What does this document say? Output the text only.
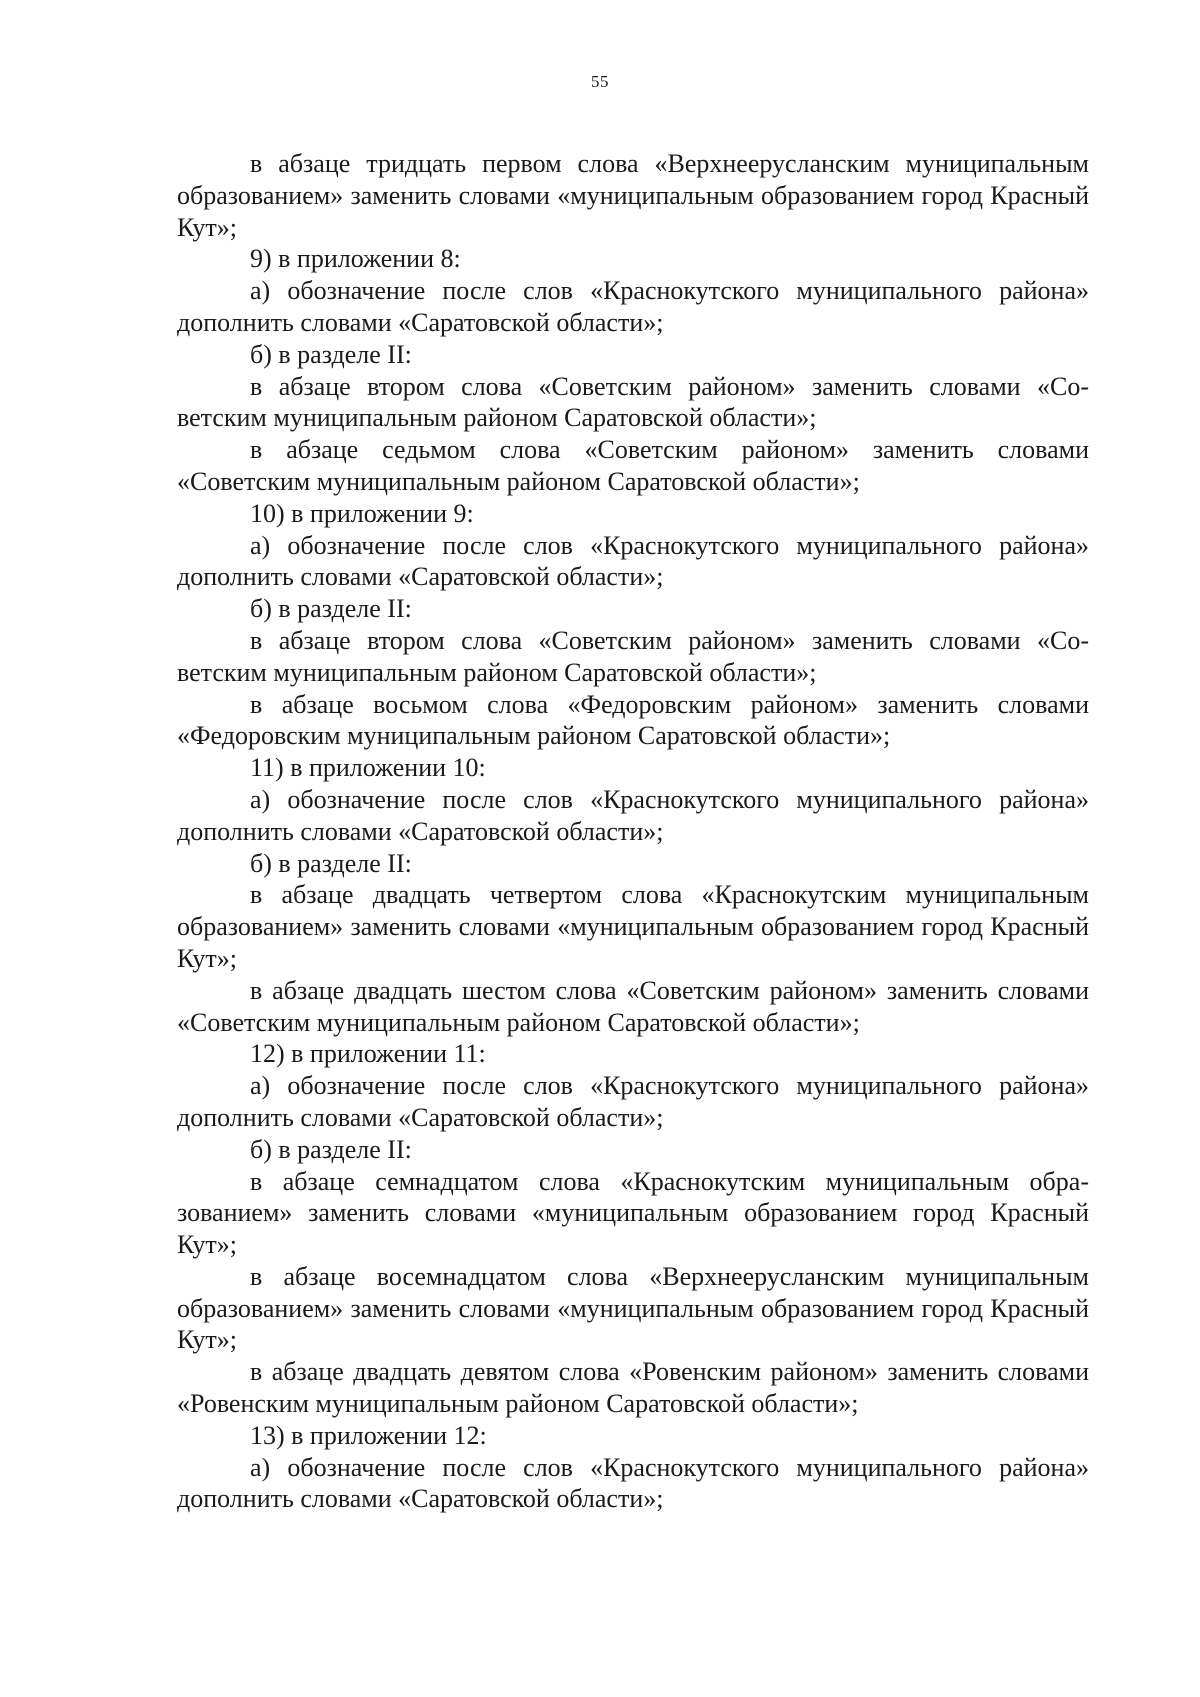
55

в абзаце тридцать первом слова «Верхнеерусланским муниципальным образованием» заменить словами «муниципальным образованием город Красный Кут»;

9) в приложении 8:

а) обозначение после слов «Краснокутского муниципального района» дополнить словами «Саратовской области»;

б) в разделе II:

в абзаце втором слова «Советским районом» заменить словами «Советским муниципальным районом Саратовской области»;

в абзаце седьмом слова «Советским районом» заменить словами «Советским муниципальным районом Саратовской области»;

10) в приложении 9:

а) обозначение после слов «Краснокутского муниципального района» дополнить словами «Саратовской области»;

б) в разделе II:

в абзаце втором слова «Советским районом» заменить словами «Советским муниципальным районом Саратовской области»;

в абзаце восьмом слова «Федоровским районом» заменить словами «Федоровским муниципальным районом Саратовской области»;

11) в приложении 10:

а) обозначение после слов «Краснокутского муниципального района» дополнить словами «Саратовской области»;

б) в разделе II:

в абзаце двадцать четвертом слова «Краснокутским муниципальным образованием» заменить словами «муниципальным образованием город Красный Кут»;

в абзаце двадцать шестом слова «Советским районом» заменить словами «Советским муниципальным районом Саратовской области»;

12) в приложении 11:

а) обозначение после слов «Краснокутского муниципального района» дополнить словами «Саратовской области»;

б) в разделе II:

в абзаце семнадцатом слова «Краснокутским муниципальным образованием» заменить словами «муниципальным образованием город Красный Кут»;

в абзаце восемнадцатом слова «Верхнеерусланским муниципальным образованием» заменить словами «муниципальным образованием город Красный Кут»;

в абзаце двадцать девятом слова «Ровенским районом» заменить словами «Ровенским муниципальным районом Саратовской области»;

13) в приложении 12:

а) обозначение после слов «Краснокутского муниципального района» дополнить словами «Саратовской области»;
